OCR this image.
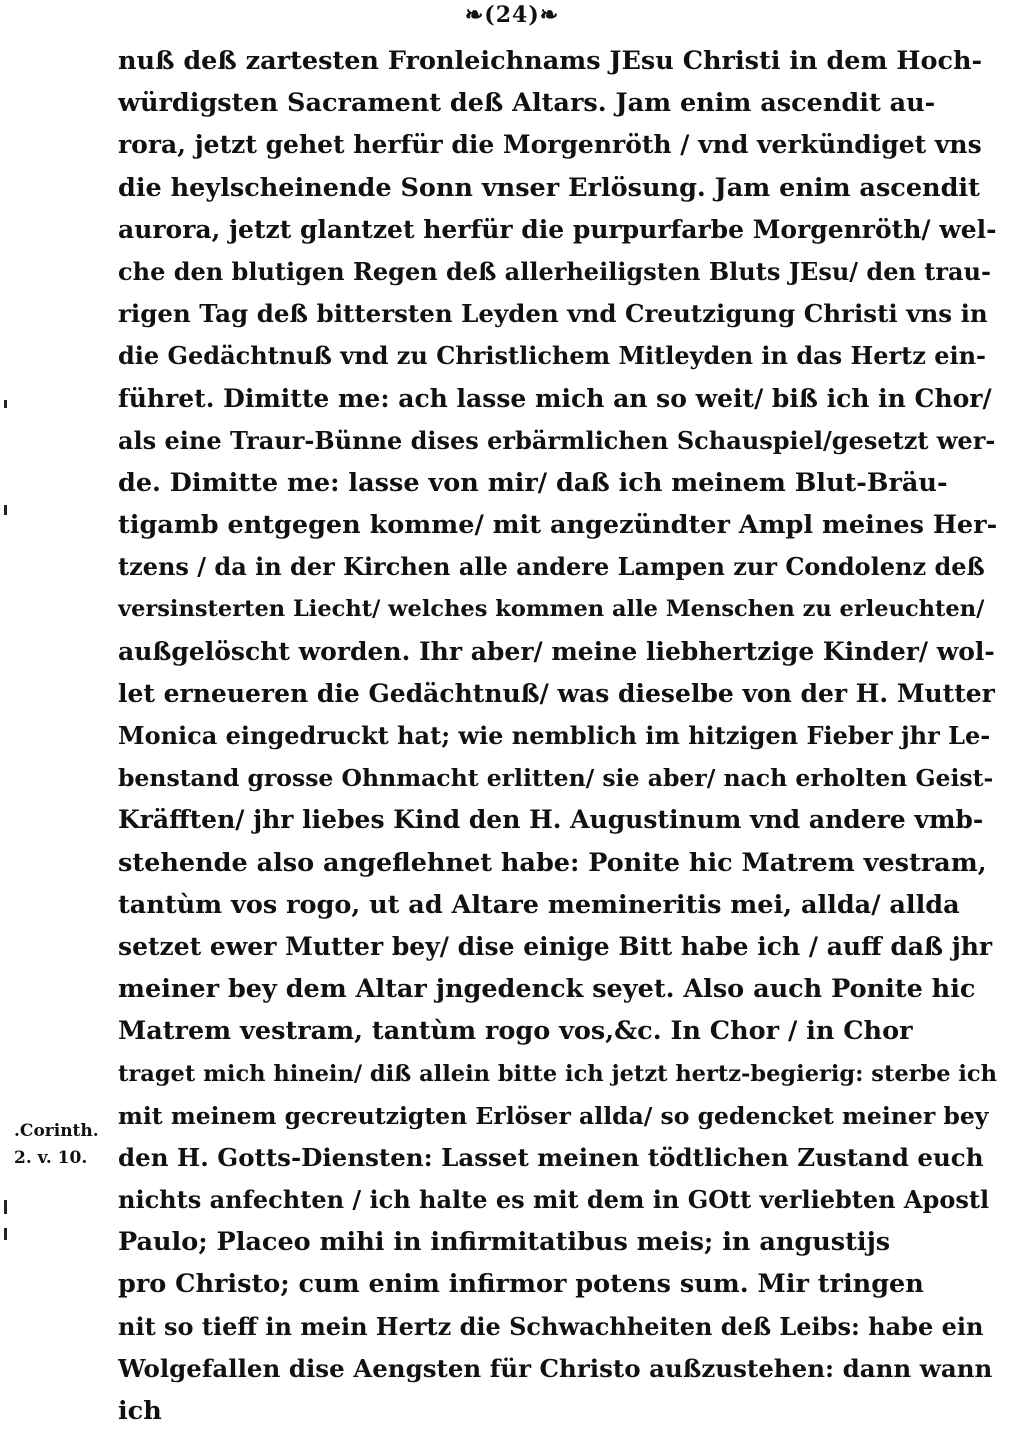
❧(24)❧
nuß deß zartesten Fronleichnams JEsu Christi in dem Hoch-
würdigsten Sacrament deß Altars. Jam enim ascendit au-
rora, jetzt gehet herfür die Morgenröth / vnd verkündiget vns
die heylscheinende Sonn vnser Erlösung. Jam enim ascendit
aurora, jetzt glantzet herfür die purpurfarbe Morgenröth/ wel-
che den blutigen Regen deß allerheiligsten Bluts JEsu/ den trau-
rigen Tag deß bittersten Leyden vnd Creutzigung Christi vns in
die Gedächtnuß vnd zu Christlichem Mitleyden in das Hertz ein-
führet. Dimitte me: ach lasse mich an so weit/ biß ich in Chor/
als eine Traur-Bünne dises erbärmlichen Schauspiel/gesetzt wer-
de. Dimitte me: lasse von mir/ daß ich meinem Blut-Bräu-
tigamb entgegen komme/ mit angezündter Ampl meines Her-
tzens / da in der Kirchen alle andere Lampen zur Condolenz deß
versinsterten Liecht/ welches kommen alle Menschen zu erleuchten/
außgelöscht worden. Ihr aber/ meine liebhertzige Kinder/ wol-
let erneueren die Gedächtnuß/ was dieselbe von der H. Mutter
Monica eingedruckt hat; wie nemblich im hitzigen Fieber jhr Le-
benstand grosse Ohnmacht erlitten/ sie aber/ nach erholten Geist-
Kräfften/ jhr liebes Kind den H. Augustinum vnd andere vmb-
stehende also angeflehnet habe: Ponite hic Matrem vestram,
tantùm vos rogo, ut ad Altare memineritis mei, allda/ allda
setzet ewer Mutter bey/ dise einige Bitt habe ich / auff daß jhr
meiner bey dem Altar jngedenck seyet. Also auch Ponite hic
Matrem vestram, tantùm rogo vos,&c. In Chor / in Chor
traget mich hinein/ diß allein bitte ich jetzt hertz-begierig: sterbe ich
mit meinem gecreutzigten Erlöser allda/ so gedencket meiner bey
den H. Gotts-Diensten: Lasset meinen tödtlichen Zustand euch
nichts anfechten / ich halte es mit dem in GOtt verliebten Apostl
Paulo; Placeo mihi in infirmitatibus meis; in angustijs
pro Christo; cum enim infirmor potens sum. Mir tringen
nit so tieff in mein Hertz die Schwachheiten deß Leibs: habe ein
Wolgefallen dise Aengsten für Christo außzustehen: dann wann
ich
.Corinth.
2. v. 10.
